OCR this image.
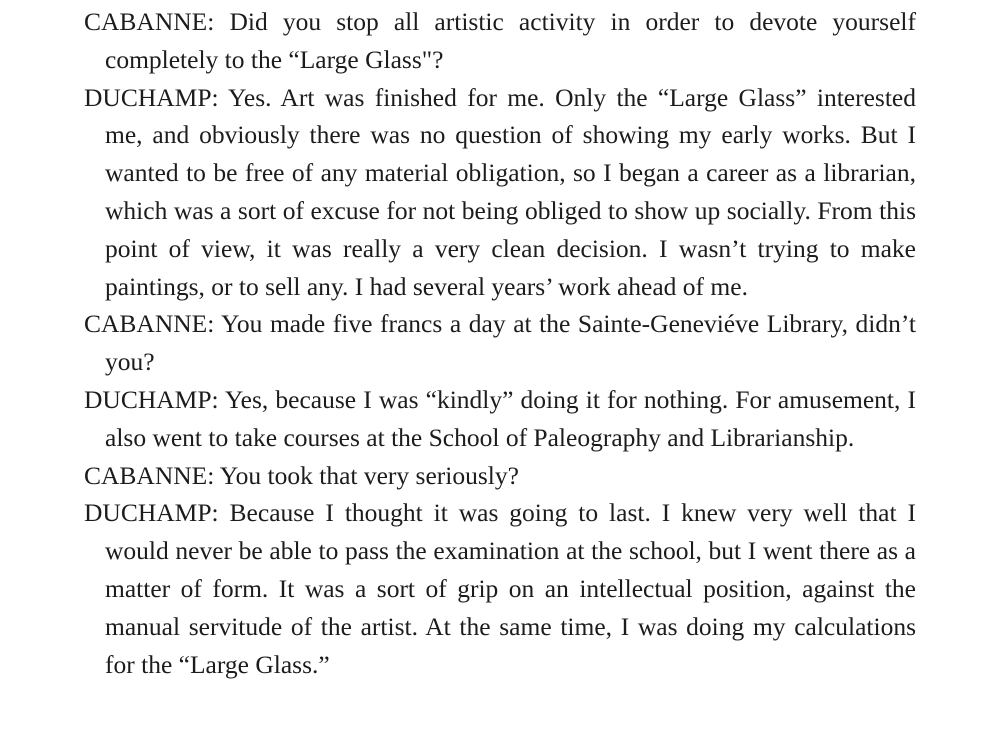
CABANNE: Did you stop all artistic activity in order to devote yourself completely to the “Large Glass"?

DUCHAMP: Yes. Art was finished for me. Only the “Large Glass” interested me, and obviously there was no question of showing my early works. But I wanted to be free of any material obligation, so I began a career as a librarian, which was a sort of excuse for not being obliged to show up socially. From this point of view, it was really a very clean decision. I wasn’t trying to make paintings, or to sell any. I had several years’ work ahead of me.

CABANNE: You made five francs a day at the Sainte-Geneviéve Library, didn’t you?

DUCHAMP: Yes, because I was “kindly” doing it for nothing. For amusement, I also went to take courses at the School of Paleography and Librarianship.

CABANNE: You took that very seriously?

DUCHAMP: Because I thought it was going to last. I knew very well that I would never be able to pass the examination at the school, but I went there as a matter of form. It was a sort of grip on an intellectual position, against the manual servitude of the artist. At the same time, I was doing my calculations for the “Large Glass.”
